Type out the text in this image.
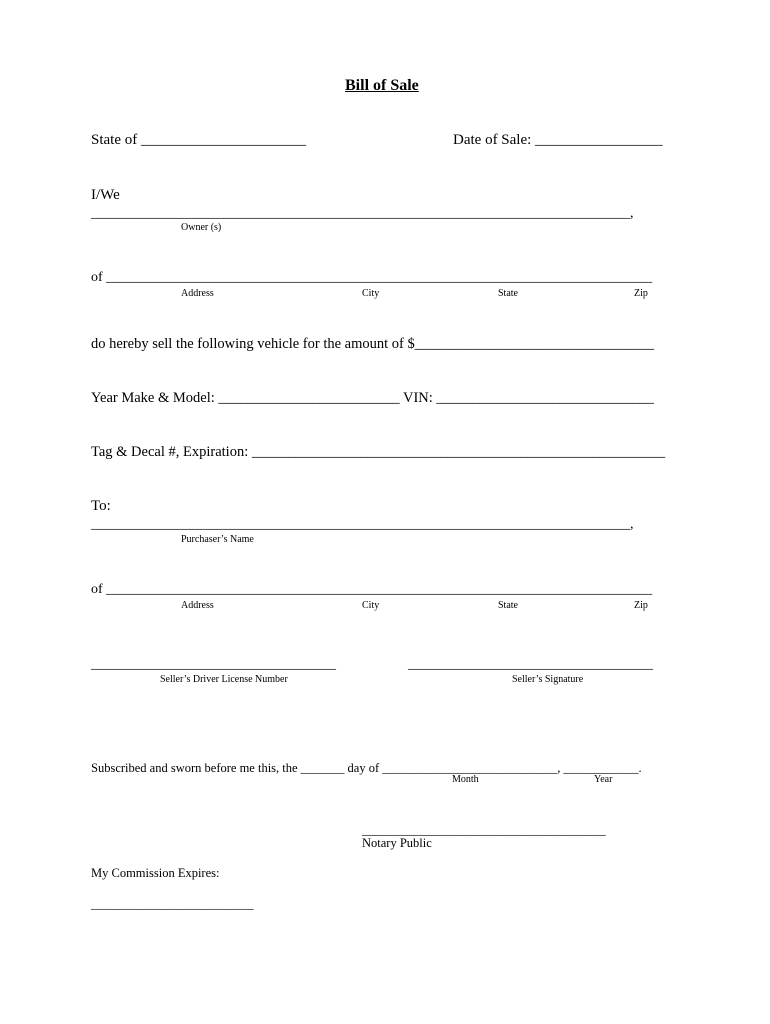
Bill of Sale
State of ______________________	Date of Sale: _________________
I/We
_____________________________________________________________________________,
Owner (s)
of ______________________________________________________________________________
Address	City	State	Zip
do hereby sell the following vehicle for the amount of $_________________________________
Year Make & Model: _________________________ VIN: ______________________________
Tag & Decal #, Expiration: _________________________________________________________
To:
_____________________________________________________________________________,
Purchaser’s Name
of ______________________________________________________________________________
Address	City	State	Zip
___________________________________
Seller’s Driver License Number
___________________________________
Seller’s Signature
Subscribed and sworn before me this, the _______ day of ____________________________, ____________.
Month	Year
_______________________________________
Notary Public
My Commission Expires:
__________________________
